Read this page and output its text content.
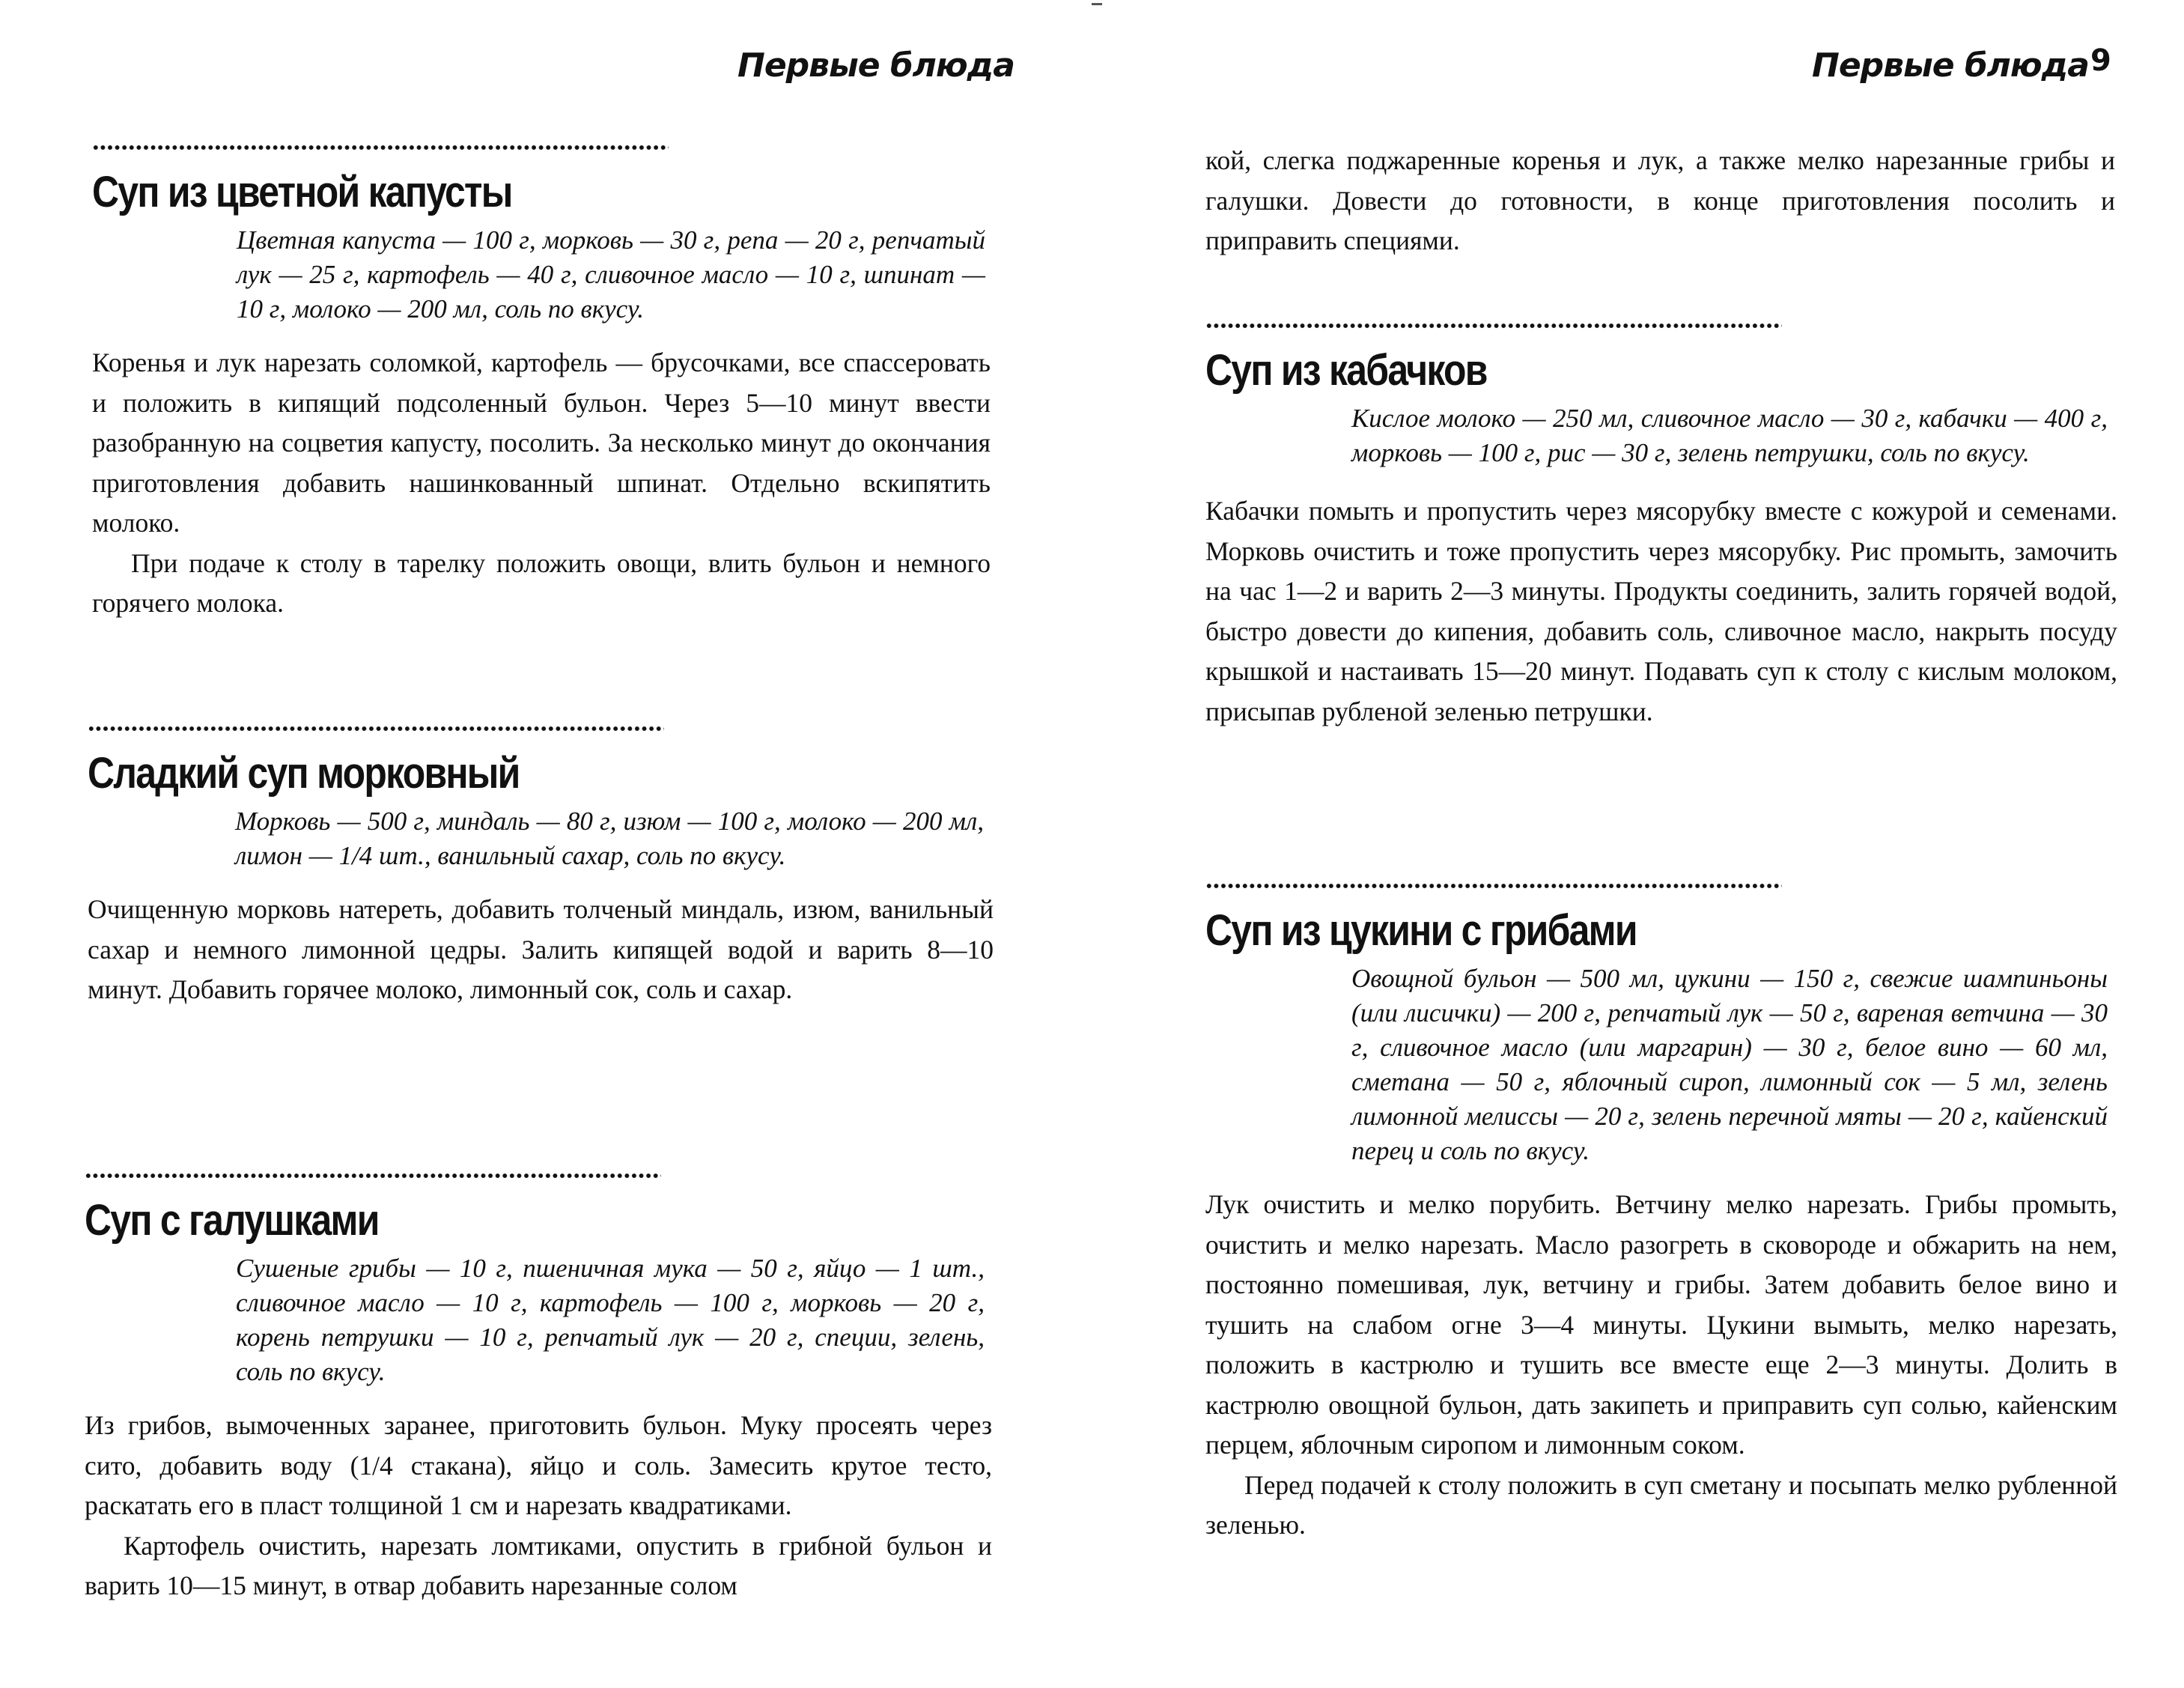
Первые блюда
Суп из цветной капусты
Цветная капуста — 100 г, морковь — 30 г, репа — 20 г, репчатый лук — 25 г, картофель — 40 г, сливочное масло — 10 г, шпинат — 10 г, молоко — 200 мл, соль по вкусу.

Коренья и лук нарезать соломкой, картофель — брусочками, все спассеровать и положить в кипящий подсоленный бульон. Через 5—10 минут ввести разобранную на соцветия капусту, посолить. За несколько минут до окончания приготовления добавить нашинкованный шпинат. Отдельно вскипятить молоко.

При подаче к столу в тарелку положить овощи, влить бульон и немного горячего молока.

Сладкий суп морковный
Морковь — 500 г, миндаль — 80 г, изюм — 100 г, молоко — 200 мл, лимон — 1/4 шт., ванильный сахар, соль по вкусу.

Очищенную морковь натереть, добавить толченый миндаль, изюм, ванильный сахар и немного лимонной цедры. Залить кипящей водой и варить 8—10 минут. Добавить горячее молоко, лимонный сок, соль и сахар.

Суп с галушками
Сушеные грибы — 10 г, пшеничная мука — 50 г, яйцо — 1 шт., сливочное масло — 10 г, картофель — 100 г, морковь — 20 г, корень петрушки — 10 г, репчатый лук — 20 г, специи, зелень, соль по вкусу.

Из грибов, вымоченных заранее, приготовить бульон. Муку просеять через сито, добавить воду (1/4 стакана), яйцо и соль. Замесить крутое тесто, раскатать его в пласт толщиной 1 см и нарезать квадратиками.

Картофель очистить, нарезать ломтиками, опустить в грибной бульон и варить 10—15 минут, в отвар добавить нарезанные солом

Первые блюда 9
кой, слегка поджаренные коренья и лук, а также мелко нарезанные грибы и галушки. Довести до готовности, в конце приготовления посолить и приправить специями.
Суп из кабачков
Кислое молоко — 250 мл, сливочное масло — 30 г, кабачки — 400 г, морковь — 100 г, рис — 30 г, зелень петрушки, соль по вкусу.

Кабачки помыть и пропустить через мясорубку вместе с кожурой и семенами. Морковь очистить и тоже пропустить через мясорубку. Рис промыть, замочить на час 1—2 и варить 2—3 минуты. Продукты соединить, залить горячей водой, быстро довести до кипения, добавить соль, сливочное масло, накрыть посуду крышкой и настаивать 15—20 минут. Подавать суп к столу с кислым молоком, присыпав рубленой зеленью петрушки.

Суп из цукини с грибами
Овощной бульон — 500 мл, цукини — 150 г, свежие шампиньоны (или лисички) — 200 г, репчатый лук — 50 г, вареная ветчина — 30 г, сливочное масло (или маргарин) — 30 г, белое вино — 60 мл, сметана — 50 г, яблочный сироп, лимонный сок — 5 мл, зелень лимонной мелиссы — 20 г, зелень перечной мяты — 20 г, кайенский перец и соль по вкусу.

Лук очистить и мелко порубить. Ветчину мелко нарезать. Грибы промыть, очистить и мелко нарезать. Масло разогреть в сковороде и обжарить на нем, постоянно помешивая, лук, ветчину и грибы. Затем добавить белое вино и тушить на слабом огне 3—4 минуты. Цукини вымыть, мелко нарезать, положить в кастрюлю и тушить все вместе еще 2—3 минуты. Долить в кастрюлю овощной бульон, дать закипеть и приправить суп солью, кайенским перцем, яблочным сиропом и лимонным соком.

Перед подачей к столу положить в суп сметану и посыпать мелко рубленной зеленью.
